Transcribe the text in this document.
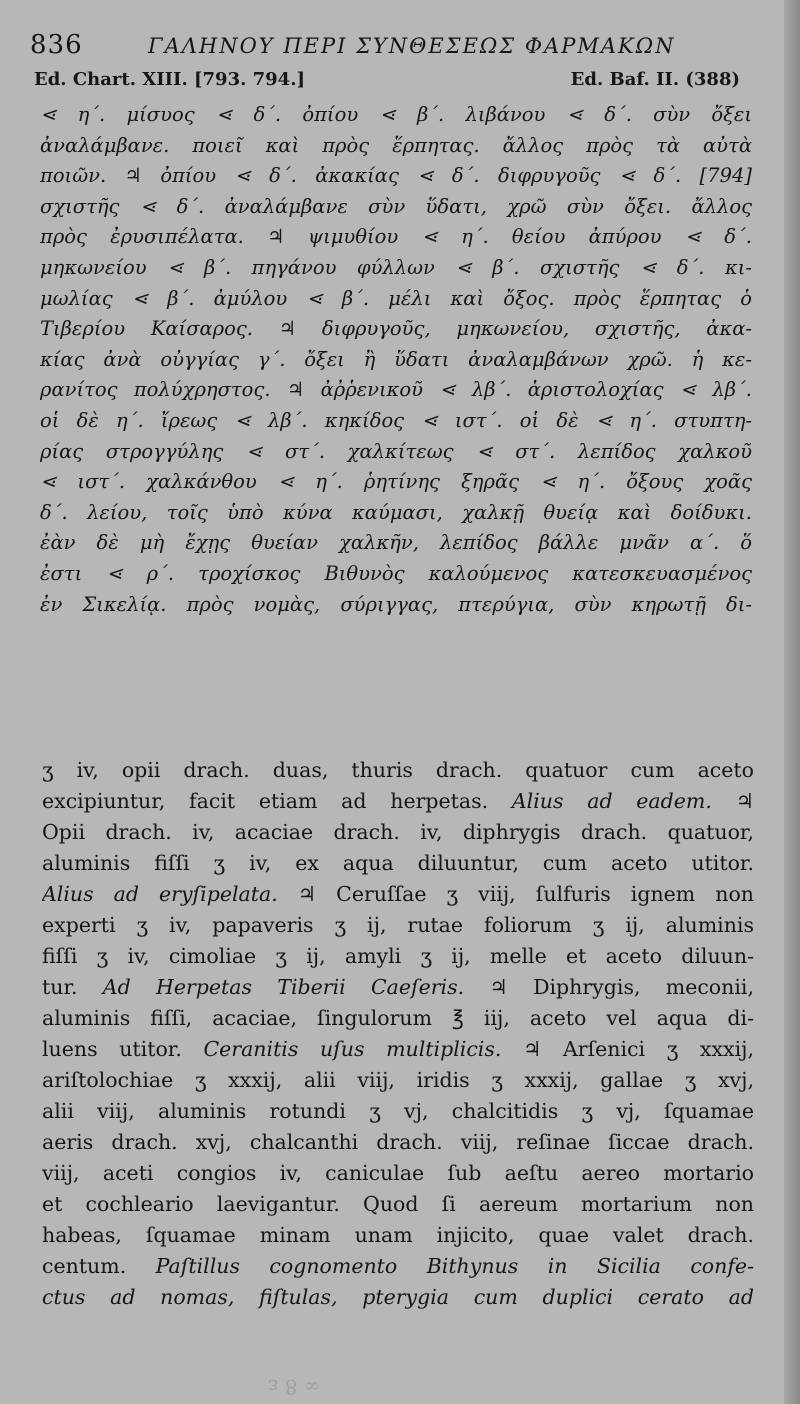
836	ΓΑΛΗΝΟΥ ΠΕΡΙ ΣΥΝΘΕΣΕΩΣ ΦΑΡΜΑΚΩΝ
Ed. Chart. XIII. [793. 794.]	Ed. Baf. II. (388)
⋖ η΄. μίσυος ⋖ δ΄. ὀπίου ⋖ β΄. λιβάνου ⋖ δ΄. σὺν ὄξει
ἀναλάμβανε. ποιεῖ καὶ πρὸς ἕρπητας. ἄλλος πρὸς τὰ αὐτὰ
ποιῶν. ♃ ὀπίου ⋖ δ΄. ἀκακίας ⋖ δ΄. διφρυγοῦς ⋖ δ΄. [794]
σχιστῆς ⋖ δ΄. ἀναλάμβανε σὺν ὕδατι, χρῶ σὺν ὄξει. ἄλλος
πρὸς ἐρυσιπέλατα. ♃ ψιμυθίου ⋖ η΄. θείου ἀπύρου ⋖ δ΄.
μηκωνείου ⋖ β΄. πηγάνου φύλλων ⋖ β΄. σχιστῆς ⋖ δ΄. κι-
μωλίας ⋖ β΄. ἀμύλου ⋖ β΄. μέλι καὶ ὄξος. πρὸς ἕρπητας ὁ
Τιβερίου Καίσαρος. ♃ διφρυγοῦς, μηκωνείου, σχιστῆς, ἀκα-
κίας ἀνὰ οὐγγίας γ΄. ὄξει ἢ ὕδατι ἀναλαμβάνων χρῶ. ἡ κε-
ρανίτος πολύχρηστος. ♃ ἀῤῥενικοῦ ⋖ λβ΄. ἀριστολοχίας ⋖ λβ΄.
οἱ δὲ η΄. ἴρεως ⋖ λβ΄. κηκίδος ⋖ ιστ΄. οἱ δὲ ⋖ η΄. στυπτη-
ρίας στρογγύλης ⋖ στ΄. χαλκίτεως ⋖ στ΄. λεπίδος χαλκοῦ
⋖ ιστ΄. χαλκάνθου ⋖ η΄. ῥητίνης ξηρᾶς ⋖ η΄. ὄξους χοᾶς
δ΄. λείου, τοῖς ὑπὸ κύνα καύμασι, χαλκῇ θυείᾳ καὶ δοίδυκι.
ἐὰν δὲ μὴ ἔχῃς θυείαν χαλκῆν, λεπίδος βάλλε μνᾶν α΄. ὅ
ἐστι ⋖ ρ΄. τροχίσκος Βιθυνὸς καλούμενος κατεσκευασμένος
ἐν Σικελίᾳ. πρὸς νομὰς, σύριγγας, πτερύγια, σὺν κηρωτῇ δι-
ʒ iv, opii drach. duas, thuris drach. quatuor cum aceto
excipiuntur, facit etiam ad herpetas. Alius ad eadem. ♃
Opii drach. iv, acaciae drach. iv, diphrygis drach. quatuor,
aluminis fiſſi ʒ iv, ex aqua diluuntur, cum aceto utitor.
Alius ad eryſipelata. ♃ Ceruſſae ʒ viij, ſulfuris ignem non
experti ʒ iv, papaveris ʒ ij, rutae foliorum ʒ ij, aluminis
fiſſi ʒ iv, cimoliae ʒ ij, amyli ʒ ij, melle et aceto diluun-
tur. Ad Herpetas Tiberii Caeſeris. ♃ Diphrygis, meconii,
aluminis fiſſi, acaciae, ſingulorum ℥ iij, aceto vel aqua di-
luens utitor. Ceranitis uſus multiplicis. ♃ Arſenici ʒ xxxij,
ariſtolochiae ʒ xxxij, alii viij, iridis ʒ xxxij, gallae ʒ xvj,
alii viij, aluminis rotundi ʒ vj, chalcitidis ʒ vj, ſquamae
aeris drach. xvj, chalcanthi drach. viij, reſinae ſiccae drach.
viij, aceti congios iv, caniculae ſub aeſtu aereo mortario
et cochleario laevigantur. Quod ſi aereum mortarium non
habeas, ſquamae minam unam injicito, quae valet drach.
centum. Paſtillus cognomento Bithynus in Sicilia confe-
ctus ad nomas, fiſtulas, pterygia cum duplici cerato ad
∞ 8 ɛ
